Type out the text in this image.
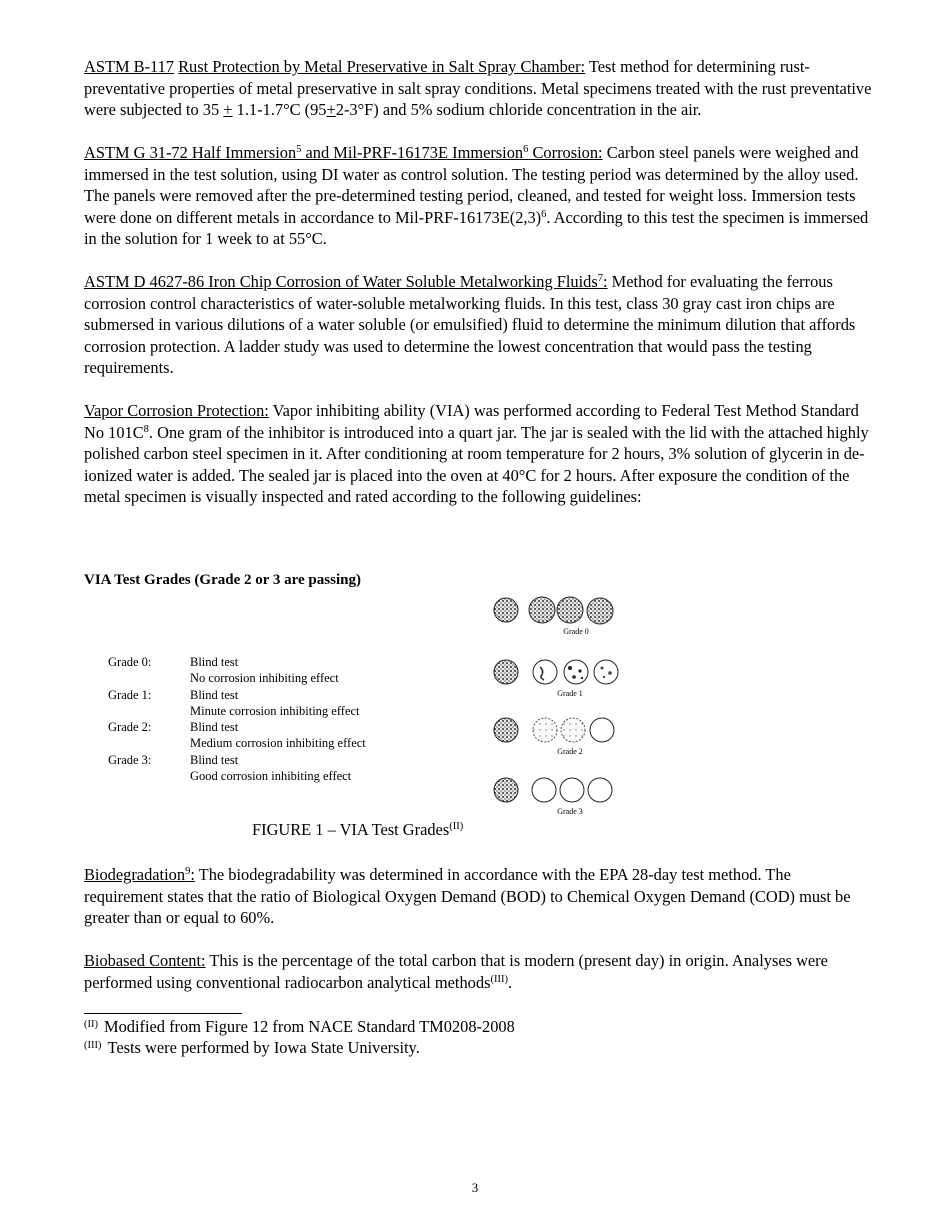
ASTM B-117 Rust Protection by Metal Preservative in Salt Spray Chamber: Test method for determining rust-preventative properties of metal preservative in salt spray conditions. Metal specimens treated with the rust preventative were subjected to 35 + 1.1-1.7°C (95+2-3°F) and 5% sodium chloride concentration in the air.

ASTM G 31-72 Half Immersion$^5$ and Mil-PRF-16173E Immersion$^6$ Corrosion: Carbon steel panels were weighed and immersed in the test solution, using DI water as control solution. The testing period was determined by the alloy used. The panels were removed after the pre-determined testing period, cleaned, and tested for weight loss. Immersion tests were done on different metals in accordance to Mil-$PRF-16173E(2,3)^6$. According to this test the specimen is immersed in the solution for 1 week to at 55°C.

ASTM D 4627-86 Iron Chip Corrosion of Water Soluble Metalworking Fluids$^7$: Method for evaluating the ferrous corrosion control characteristics of water-soluble metalworking fluids. In this test, class 30 gray cast iron chips are submersed in various dilutions of a water soluble (or emulsified) fluid to determine the minimum dilution that affords corrosion protection. A ladder study was used to determine the lowest concentration that would pass the testing requirements.

Vapor Corrosion Protection: Vapor inhibiting ability (VIA) was performed according to Federal Test Method Standard No $101C^8$. One gram of the inhibitor is introduced into a quart jar. The jar is sealed with the lid with the attached highly polished carbon steel specimen in it. After conditioning at room temperature for 2 hours, 3% solution of glycerin in de-ionized water is added. The sealed jar is placed into the oven at 40°C for 2 hours. After exposure the condition of the metal specimen is visually inspected and rated according to the following guidelines:

VIA Test Grades (Grade 2 or 3 are passing)

Grade 0:	Blind test
No corrosion inhibiting effect
Grade 1:	Blind test
Minute corrosion inhibiting effect
Grade 2:	Blind test
Medium corrosion inhibiting effect
Grade 3:	Blind test
Good corrosion inhibiting effect
Grade 0
Grade 1
Grade 2
Grade 3
FIGURE 1 – VIA Test Grades$^{(II)}$

Biodegradation$^9$: The biodegradability was determined in accordance with the EPA 28-day test method. The requirement states that the ratio of Biological Oxygen Demand (BOD) to Chemical Oxygen Demand (COD) must be greater than or equal to 60%.

Biobased Content: This is the percentage of the total carbon that is modern (present day) in origin. Analyses were performed using conventional radiocarbon analytical methods$^{(III)}$.

$^{(II)}$ Modified from Figure 12 from NACE Standard TM0208-2008
$^{(III)}$ Tests were performed by Iowa State University.
3
